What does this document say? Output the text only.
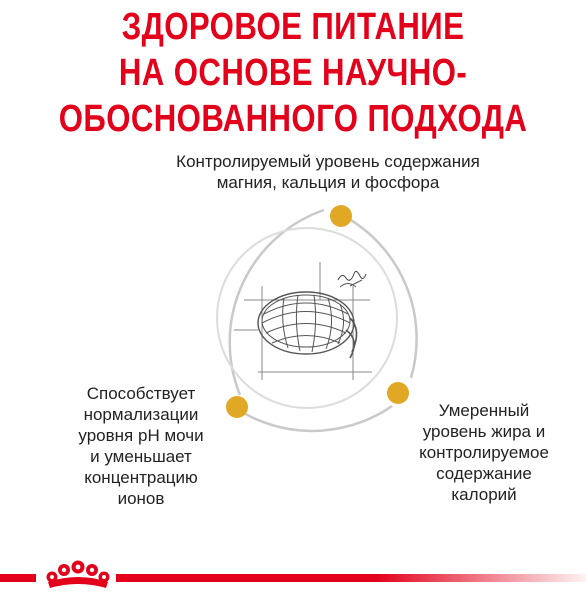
ЗДОРОВОЕ ПИТАНИЕ
НА ОСНОВЕ НАУЧНО-
ОБОСНОВАННОГО ПОДХОДА
Контролируемый уровень содержания
магния, кальция и фосфора
Способствует
нормализации
уровня pH мочи
и уменьшает
концентрацию
ионов
Умеренный
уровень жира и
контролируемое
содержание
калорий
